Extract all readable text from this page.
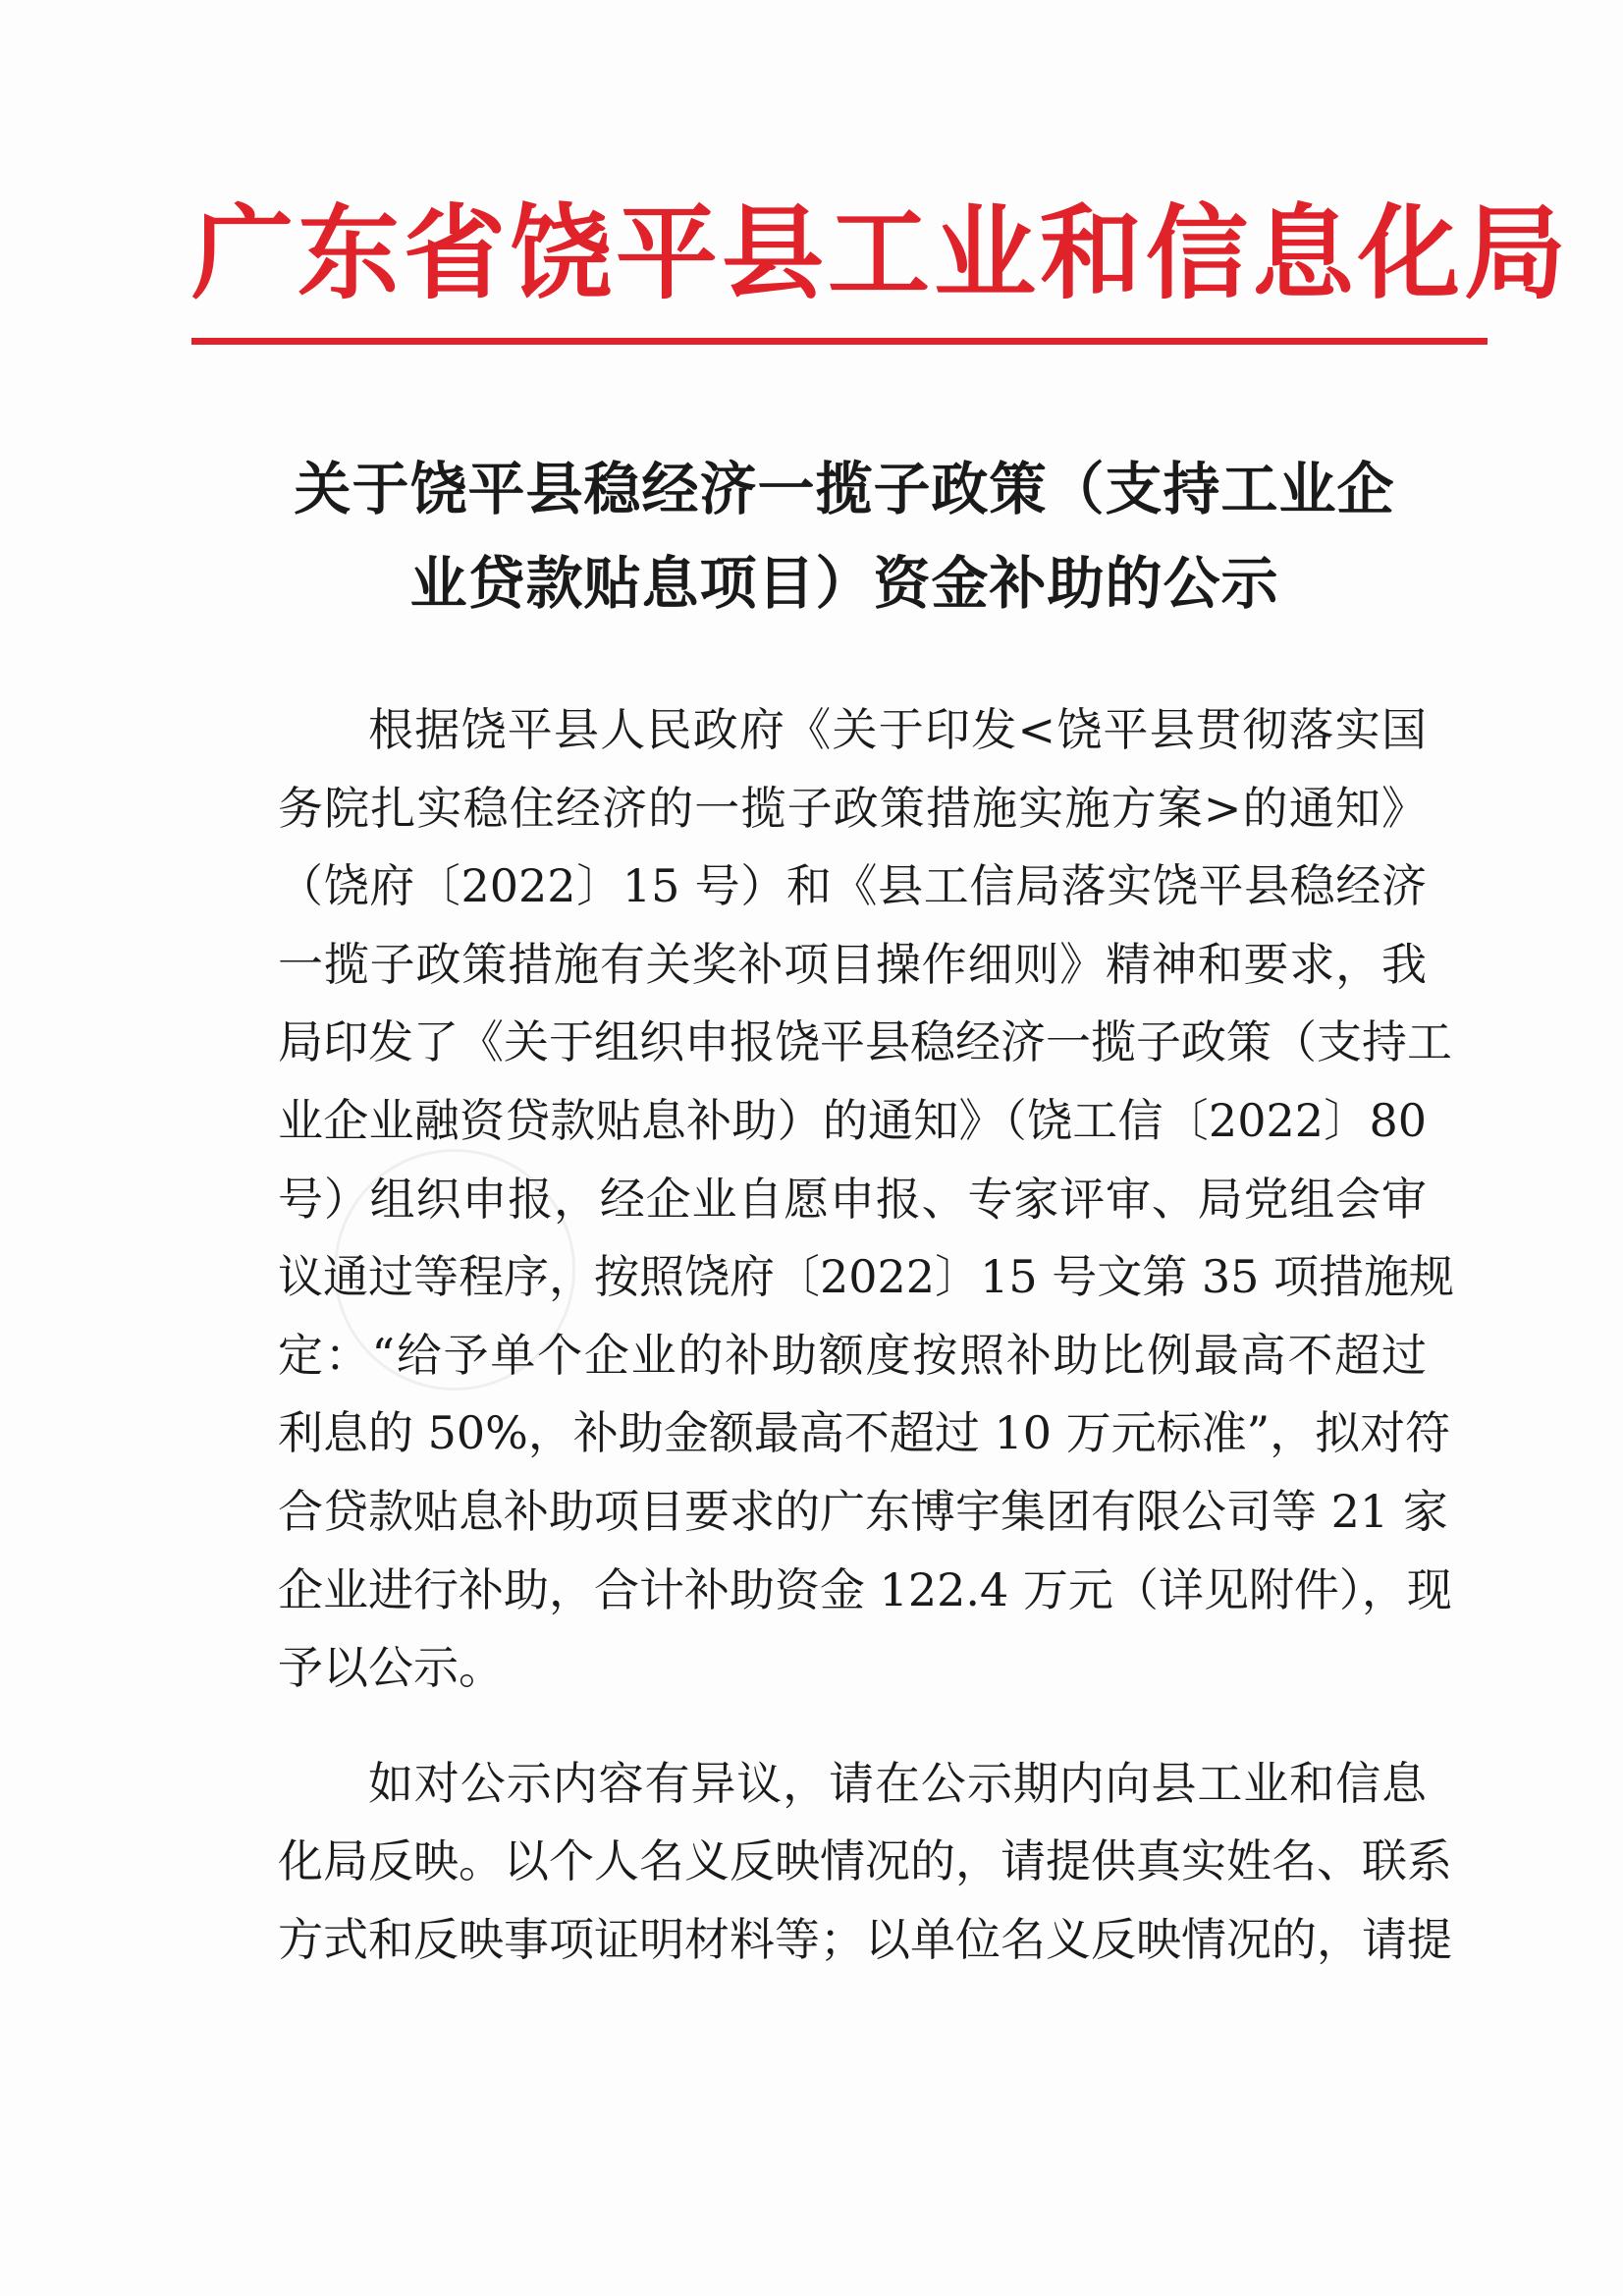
广东省饶平县工业和信息化局
关于饶平县稳经济一揽子政策（支持工业企
业贷款贴息项目）资金补助的公示
根据饶平县人民政府《关于印发<饶平县贯彻落实国
务院扎实稳住经济的一揽子政策措施实施方案>的通知》
（饶府〔2022〕15 号）和《县工信局落实饶平县稳经济
一揽子政策措施有关奖补项目操作细则》精神和要求，我
局印发了《关于组织申报饶平县稳经济一揽子政策（支持工
业企业融资贷款贴息补助）的通知》（饶工信〔2022〕80
号）组织申报，经企业自愿申报、专家评审、局党组会审
议通过等程序，按照饶府〔2022〕15 号文第 35 项措施规
定：“给予单个企业的补助额度按照补助比例最高不超过
利息的 50%，补助金额最高不超过 10 万元标准”，拟对符
合贷款贴息补助项目要求的广东博宇集团有限公司等 21 家
企业进行补助，合计补助资金 122.4 万元（详见附件），现
予以公示。
如对公示内容有异议，请在公示期内向县工业和信息
化局反映。以个人名义反映情况的，请提供真实姓名、联系
方式和反映事项证明材料等；以单位名义反映情况的，请提
